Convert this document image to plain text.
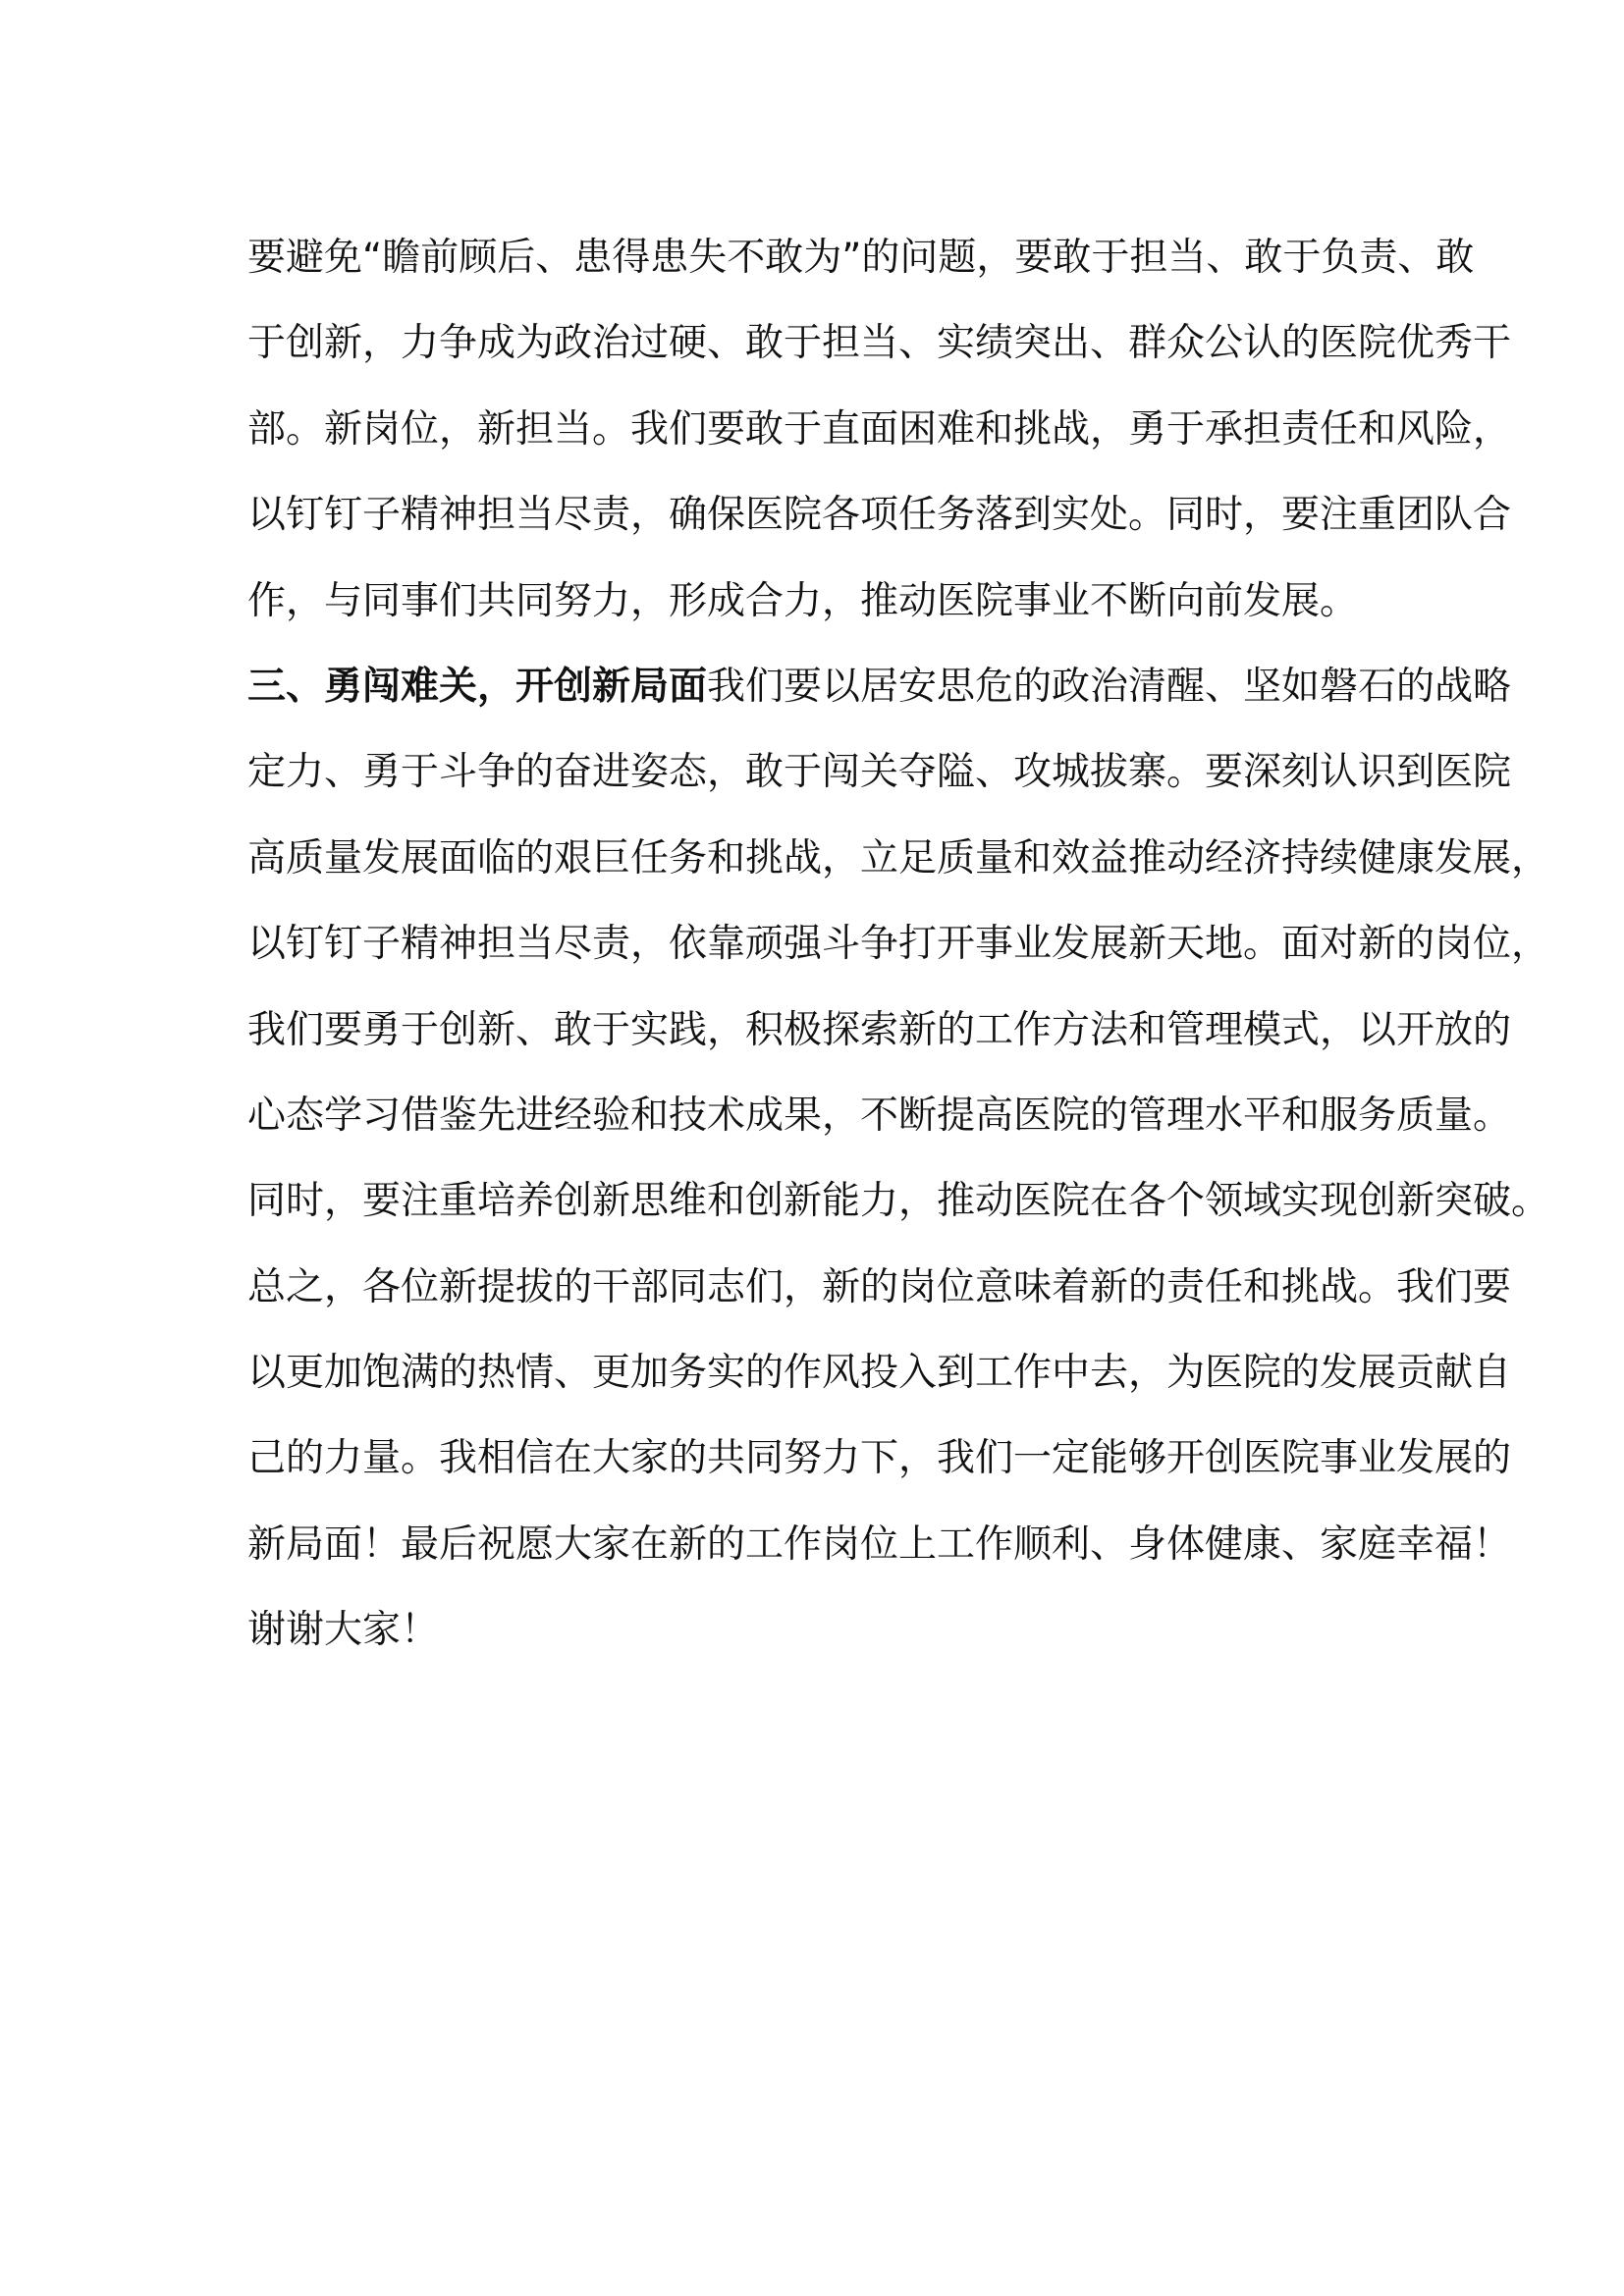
要避免“瞻前顾后、患得患失不敢为”的问题，要敢于担当、敢于负责、敢
于创新，力争成为政治过硬、敢于担当、实绩突出、群众公认的医院优秀干
部。新岗位，新担当。我们要敢于直面困难和挑战，勇于承担责任和风险，
以钉钉子精神担当尽责，确保医院各项任务落到实处。同时，要注重团队合
作，与同事们共同努力，形成合力，推动医院事业不断向前发展。
三、勇闯难关，开创新局面我们要以居安思危的政治清醒、坚如磐石的战略
定力、勇于斗争的奋进姿态，敢于闯关夺隘、攻城拔寨。要深刻认识到医院
高质量发展面临的艰巨任务和挑战，立足质量和效益推动经济持续健康发展，
以钉钉子精神担当尽责，依靠顽强斗争打开事业发展新天地。面对新的岗位，
我们要勇于创新、敢于实践，积极探索新的工作方法和管理模式，以开放的
心态学习借鉴先进经验和技术成果，不断提高医院的管理水平和服务质量。
同时，要注重培养创新思维和创新能力，推动医院在各个领域实现创新突破。
总之，各位新提拔的干部同志们，新的岗位意味着新的责任和挑战。我们要
以更加饱满的热情、更加务实的作风投入到工作中去，为医院的发展贡献自
己的力量。我相信在大家的共同努力下，我们一定能够开创医院事业发展的
新局面！最后祝愿大家在新的工作岗位上工作顺利、身体健康、家庭幸福！
谢谢大家！
